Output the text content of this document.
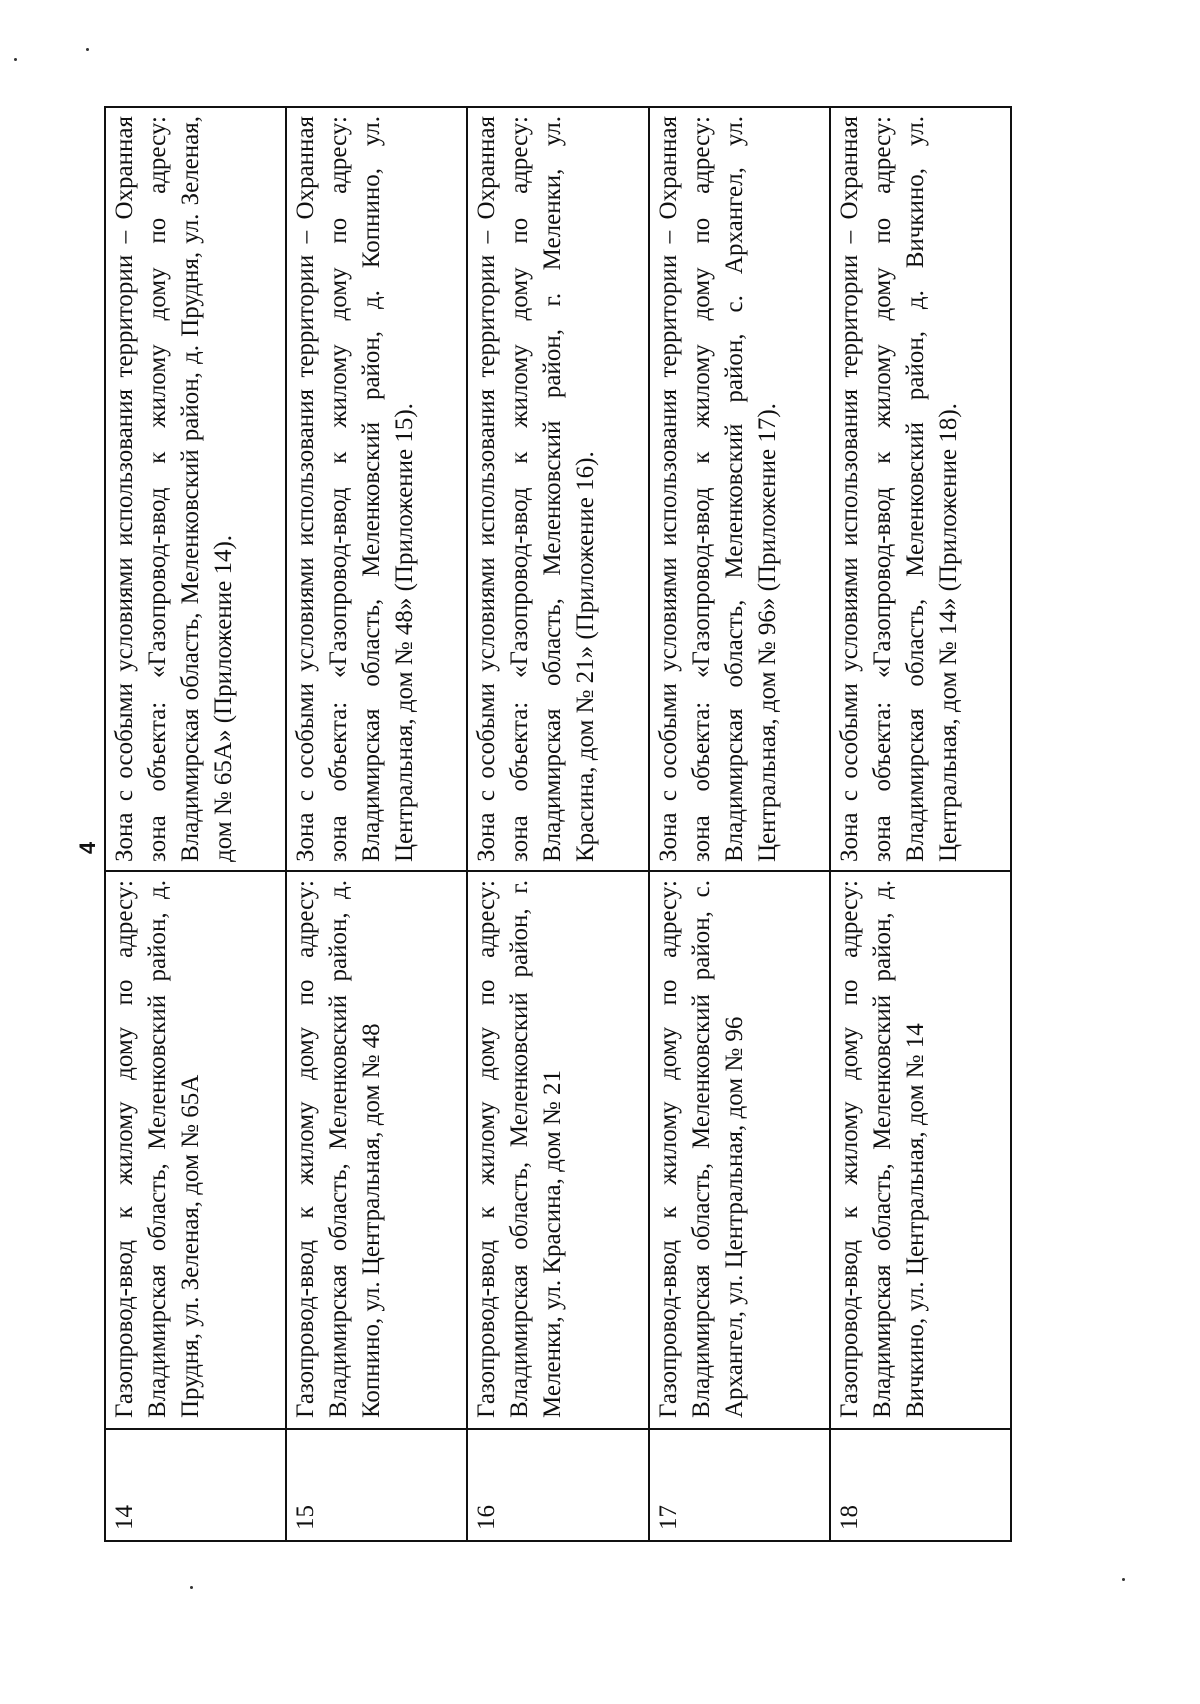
4
14	Газопровод-ввод к жилому дому по адресу: Владимирская область, Меленковский район, д. Прудня, ул. Зеленая, дом № 65А	Зона с особыми условиями использования территории – Охранная зона объекта: «Газопровод-ввод к жилому дому по адресу: Владимирская область, Меленковский район, д. Прудня, ул. Зеленая, дом № 65А» (Приложение 14).
15	Газопровод-ввод к жилому дому по адресу: Владимирская область, Меленковский район, д. Копнино, ул. Центральная, дом № 48	Зона с особыми условиями использования территории – Охранная зона объекта: «Газопровод-ввод к жилому дому по адресу: Владимирская область, Меленковский район, д. Копнино, ул. Центральная, дом № 48» (Приложение 15).
16	Газопровод-ввод к жилому дому по адресу: Владимирская область, Меленковский район, г. Меленки, ул. Красина, дом № 21	Зона с особыми условиями использования территории – Охранная зона объекта: «Газопровод-ввод к жилому дому по адресу: Владимирская область, Меленковский район, г. Меленки, ул. Красина, дом № 21» (Приложение 16).
17	Газопровод-ввод к жилому дому по адресу: Владимирская область, Меленковский район, с. Архангел, ул. Центральная, дом № 96	Зона с особыми условиями использования территории – Охранная зона объекта: «Газопровод-ввод к жилому дому по адресу: Владимирская область, Меленковский район, с. Архангел, ул. Центральная, дом № 96» (Приложение 17).
18	Газопровод-ввод к жилому дому по адресу: Владимирская область, Меленковский район, д. Вичкино, ул. Центральная, дом № 14	Зона с особыми условиями использования территории – Охранная зона объекта: «Газопровод-ввод к жилому дому по адресу: Владимирская область, Меленковский район, д. Вичкино, ул. Центральная, дом № 14» (Приложение 18).
